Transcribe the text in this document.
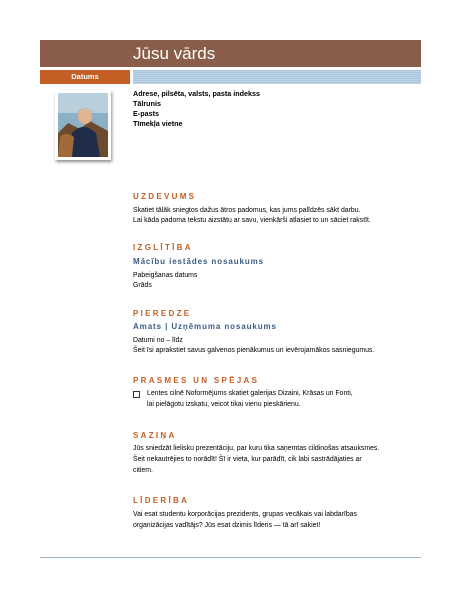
Jūsu vārds
Datums
Adrese, pilsēta, valsts, pasta indekss
Tālrunis
E-pasts
Tīmekļa vietne
UZDEVUMS
Skatiet tālāk sniegtos dažus ātros padomus, kas jums palīdzēs sākt darbu.
Lai kāda padoma tekstu aizstātu ar savu, vienkārši atlasiet to un sāciet rakstīt.
IZGLĪTĪBA
Mācību iestādes nosaukums
Pabeigšanas datums
Grāds
PIEREDZE
Amats | Uzņēmuma nosaukums
Datumi no – līdz
Šeit īsi aprakstiet savus galvenos pienākumus un ievērojamākos sasniegumus.
PRASMES UN SPĒJAS
Lentes cilnē Noformējums skatiet galerijas Dizaini, Krāsas un Fonti,
lai pielāgotu izskatu, veicot tikai vienu pieskārienu.
SAZIŅA
Jūs sniedzāt lielisku prezentāciju, par kuru tika saņemtas cildinošas atsauksmes.
Šeit nekautrējies to norādīt! Šī ir vieta, kur parādīt, cik labi sastrādājaties ar
citiem.
LĪDERĪBA
Vai esat studentu korporācijas prezidents, grupas vecākais vai labdarības
organizācijas vadītājs? Jūs esat dzimis līderis — tā arī sakiet!
